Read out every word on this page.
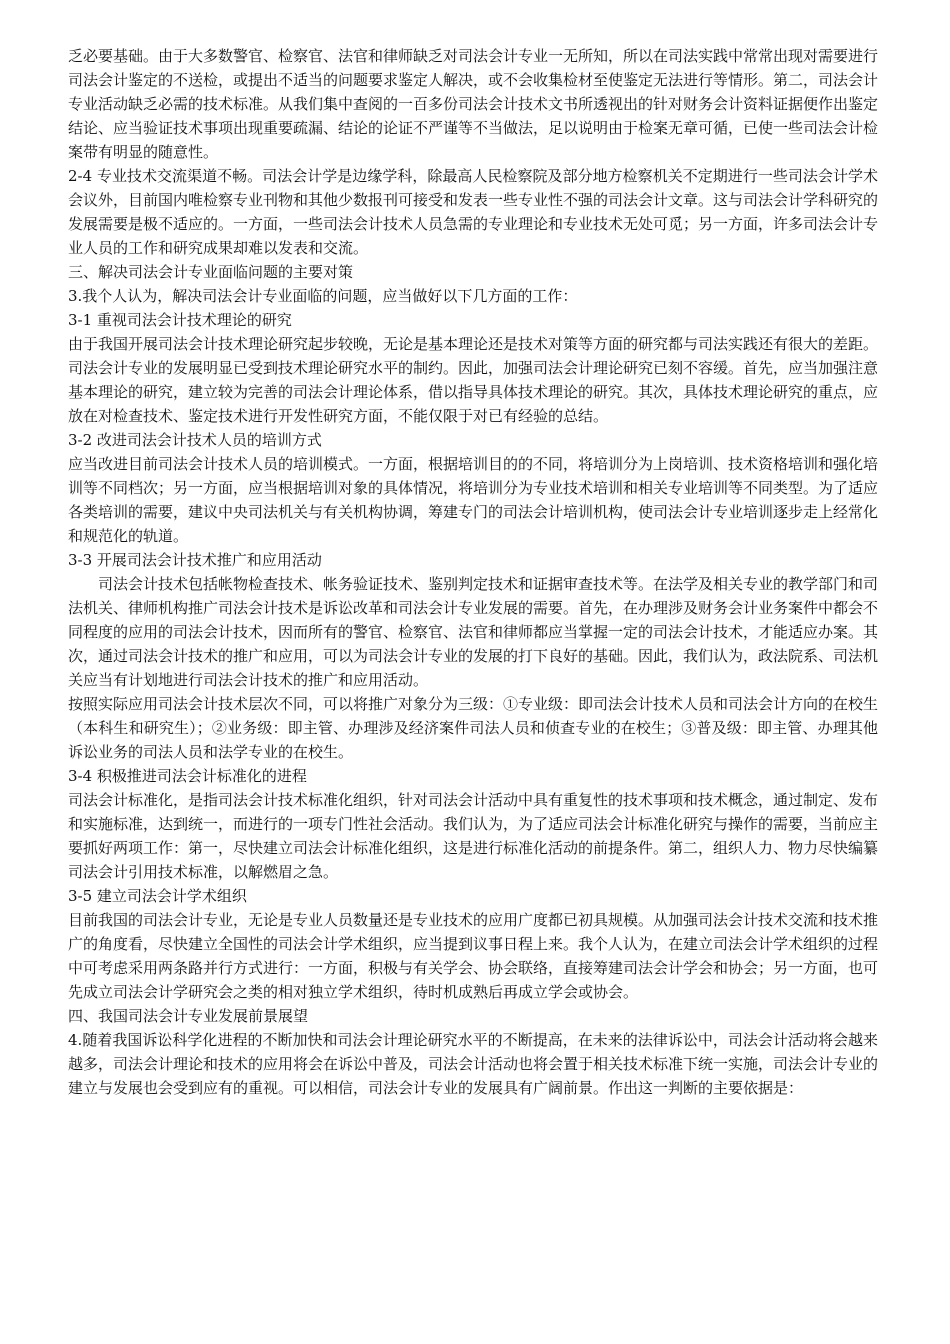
乏必要基础。由于大多数警官、检察官、法官和律师缺乏对司法会计专业一无所知，所以在司法实践中常常出现对需要进行司法会计鉴定的不送检，或提出不适当的问题要求鉴定人解决，或不会收集检材至使鉴定无法进行等情形。第二，司法会计专业活动缺乏必需的技术标准。从我们集中查阅的一百多份司法会计技术文书所透视出的针对财务会计资料证据便作出鉴定结论、应当验证技术事项出现重要疏漏、结论的论证不严谨等不当做法，足以说明由于检案无章可循，已使一些司法会计检案带有明显的随意性。

2-4 专业技术交流渠道不畅。司法会计学是边缘学科，除最高人民检察院及部分地方检察机关不定期进行一些司法会计学术会议外，目前国内唯检察专业刊物和其他少数报刊可接受和发表一些专业性不强的司法会计文章。这与司法会计学科研究的发展需要是极不适应的。一方面，一些司法会计技术人员急需的专业理论和专业技术无处可觅；另一方面，许多司法会计专业人员的工作和研究成果却难以发表和交流。

三、解决司法会计专业面临问题的主要对策

3.我个人认为，解决司法会计专业面临的问题，应当做好以下几方面的工作：

3-1 重视司法会计技术理论的研究

由于我国开展司法会计技术理论研究起步较晚，无论是基本理论还是技术对策等方面的研究都与司法实践还有很大的差距。司法会计专业的发展明显已受到技术理论研究水平的制约。因此，加强司法会计理论研究已刻不容缓。首先，应当加强注意基本理论的研究，建立较为完善的司法会计理论体系，借以指导具体技术理论的研究。其次，具体技术理论研究的重点，应放在对检查技术、鉴定技术进行开发性研究方面，不能仅限于对已有经验的总结。

3-2 改进司法会计技术人员的培训方式

应当改进目前司法会计技术人员的培训模式。一方面，根据培训目的的不同，将培训分为上岗培训、技术资格培训和强化培训等不同档次；另一方面，应当根据培训对象的具体情况，将培训分为专业技术培训和相关专业培训等不同类型。为了适应各类培训的需要，建议中央司法机关与有关机构协调，筹建专门的司法会计培训机构，使司法会计专业培训逐步走上经常化和规范化的轨道。

3-3 开展司法会计技术推广和应用活动

司法会计技术包括帐物检查技术、帐务验证技术、鉴别判定技术和证据审查技术等。在法学及相关专业的教学部门和司法机关、律师机构推广司法会计技术是诉讼改革和司法会计专业发展的需要。首先，在办理涉及财务会计业务案件中都会不同程度的应用的司法会计技术，因而所有的警官、检察官、法官和律师都应当掌握一定的司法会计技术，才能适应办案。其次，通过司法会计技术的推广和应用，可以为司法会计专业的发展的打下良好的基础。因此，我们认为，政法院系、司法机关应当有计划地进行司法会计技术的推广和应用活动。

按照实际应用司法会计技术层次不同，可以将推广对象分为三级：①专业级：即司法会计技术人员和司法会计方向的在校生（本科生和研究生）；②业务级：即主管、办理涉及经济案件司法人员和侦查专业的在校生；③普及级：即主管、办理其他诉讼业务的司法人员和法学专业的在校生。

3-4 积极推进司法会计标准化的进程

司法会计标准化，是指司法会计技术标准化组织，针对司法会计活动中具有重复性的技术事项和技术概念，通过制定、发布和实施标准，达到统一，而进行的一项专门性社会活动。我们认为，为了适应司法会计标准化研究与操作的需要，当前应主要抓好两项工作：第一，尽快建立司法会计标准化组织，这是进行标准化活动的前提条件。第二，组织人力、物力尽快编纂司法会计引用技术标准，以解燃眉之急。

3-5 建立司法会计学术组织

目前我国的司法会计专业，无论是专业人员数量还是专业技术的应用广度都已初具规模。从加强司法会计技术交流和技术推广的角度看，尽快建立全国性的司法会计学术组织，应当提到议事日程上来。我个人认为，在建立司法会计学术组织的过程中可考虑采用两条路并行方式进行：一方面，积极与有关学会、协会联络，直接筹建司法会计学会和协会；另一方面，也可先成立司法会计学研究会之类的相对独立学术组织，待时机成熟后再成立学会或协会。

四、我国司法会计专业发展前景展望

4.随着我国诉讼科学化进程的不断加快和司法会计理论研究水平的不断提高，在未来的法律诉讼中，司法会计活动将会越来越多，司法会计理论和技术的应用将会在诉讼中普及，司法会计活动也将会置于相关技术标准下统一实施，司法会计专业的建立与发展也会受到应有的重视。可以相信，司法会计专业的发展具有广阔前景。作出这一判断的主要依据是：
